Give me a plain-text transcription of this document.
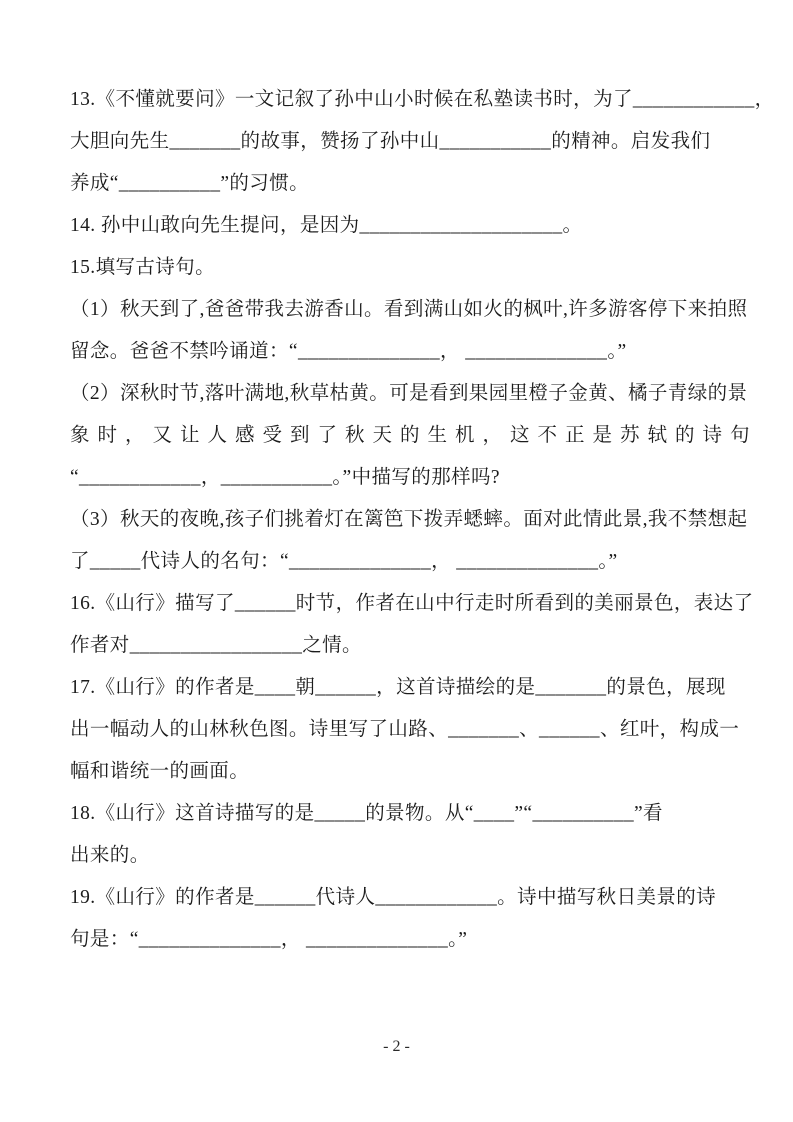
13.《不懂就要问》一文记叙了孙中山小时候在私塾读书时，为了____________，
大胆向先生_______的故事，赞扬了孙中山___________的精神。启发我们
养成“__________”的习惯。
14. 孙中山敢向先生提问，是因为____________________。
15.填写古诗句。
（1）秋天到了,爸爸带我去游香山。看到满山如火的枫叶,许多游客停下来拍照
留念。爸爸不禁吟诵道：“______________， ______________。”
（2）深秋时节,落叶满地,秋草枯黄。可是看到果园里橙子金黄、橘子青绿的景
象时，又让人感受到了秋天的生机，这不正是苏轼的诗句
“____________，___________。”中描写的那样吗?
（3）秋天的夜晚,孩子们挑着灯在篱笆下拨弄蟋蟀。面对此情此景,我不禁想起
了_____代诗人的名句：“______________， ______________。”
16.《山行》描写了______时节，作者在山中行走时所看到的美丽景色，表达了
作者对_________________之情。
17.《山行》的作者是____朝______，这首诗描绘的是_______的景色，展现
出一幅动人的山林秋色图。诗里写了山路、_______、______、红叶，构成一
幅和谐统一的画面。
18.《山行》这首诗描写的是_____的景物。从“____”“__________”看
出来的。
19.《山行》的作者是______代诗人____________。诗中描写秋日美景的诗
句是：“______________， ______________。”
- 2 -
